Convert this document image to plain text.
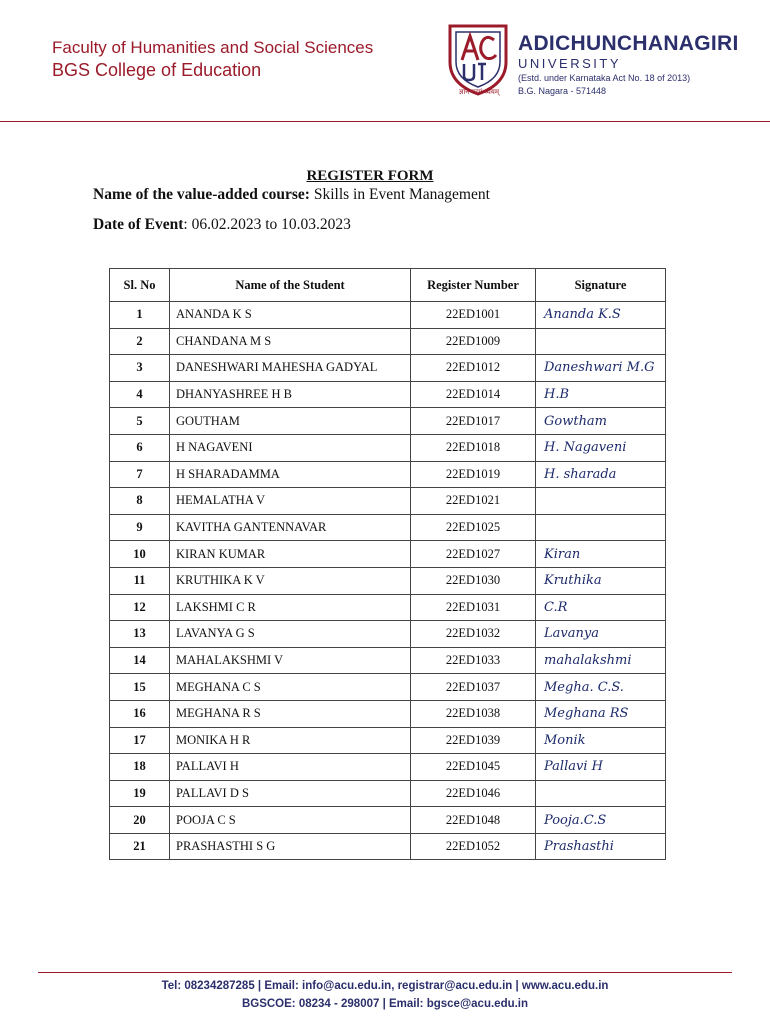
Faculty of Humanities and Social Sciences
BGS College of Education
ज्ञानं परमं ध्येयम्
ADICHUNCHANAGIRI
UNIVERSITY
(Estd. under Karnataka Act No. 18 of 2013)
B.G. Nagara - 571448
REGISTER FORM
Name of the value-added course: Skills in Event Management
Date of Event: 06.02.2023 to 10.03.2023
Sl. No	Name of the Student	Register Number	Signature
1	ANANDA K S	22ED1001	Ananda K.S
2	CHANDANA M S	22ED1009	
3	DANESHWARI MAHESHA GADYAL	22ED1012	Daneshwari M.G
4	DHANYASHREE H B	22ED1014	H.B
5	GOUTHAM	22ED1017	Gowtham
6	H NAGAVENI	22ED1018	H. Nagaveni
7	H SHARADAMMA	22ED1019	H. sharada
8	HEMALATHA V	22ED1021	
9	KAVITHA GANTENNAVAR	22ED1025	
10	KIRAN KUMAR	22ED1027	Kiran
11	KRUTHIKA K V	22ED1030	Kruthika
12	LAKSHMI C R	22ED1031	C.R
13	LAVANYA G S	22ED1032	Lavanya
14	MAHALAKSHMI V	22ED1033	mahalakshmi
15	MEGHANA C S	22ED1037	Megha. C.S.
16	MEGHANA R S	22ED1038	Meghana RS
17	MONIKA H R	22ED1039	Monik
18	PALLAVI H	22ED1045	Pallavi H
19	PALLAVI D S	22ED1046	
20	POOJA C S	22ED1048	Pooja.C.S
21	PRASHASTHI S G	22ED1052	Prashasthi
Tel: 08234287285 | Email: info@acu.edu.in, registrar@acu.edu.in | www.acu.edu.in
BGSCOE: 08234 - 298007 | Email: bgsce@acu.edu.in
